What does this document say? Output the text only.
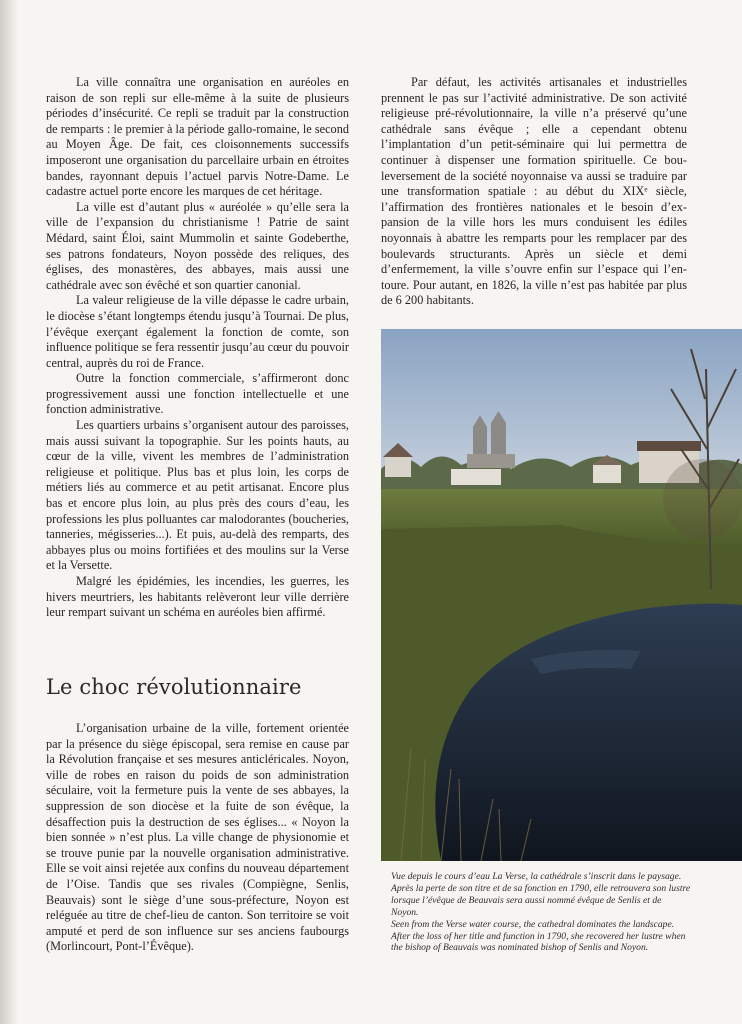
La ville connaîtra une organisation en auréoles en raison de son repli sur elle-même à la suite de plusieurs périodes d’insécurité. Ce repli se traduit par la construction de remparts : le premier à la période gallo-romaine, le second au Moyen Âge. De fait, ces cloisonnements successifs imposeront une organisation du parcellaire urbain en étroites bandes, rayonnant depuis l’actuel parvis Notre-Dame. Le cadastre actuel porte encore les marques de cet héritage.

La ville est d’autant plus « auréolée » qu’elle sera la ville de l’expansion du christianisme ! Patrie de saint Médard, saint Éloi, saint Mummolin et sainte Godeberthe, ses patrons fondateurs, Noyon possède des reliques, des églises, des monastères, des abbayes, mais aussi une cathédrale avec son évêché et son quartier canonial.

La valeur religieuse de la ville dépasse le cadre urbain, le diocèse s’étant longtemps étendu jusqu’à Tournai. De plus, l’évêque exerçant également la fonction de comte, son influence politique se fera ressentir jusqu’au cœur du pouvoir central, auprès du roi de France.

Outre la fonction commerciale, s’affirmeront donc progressivement aussi une fonction intellectuelle et une fonction administrative.

Les quartiers urbains s’organisent autour des paroisses, mais aussi suivant la topographie. Sur les points hauts, au cœur de la ville, vivent les membres de l’administration religieuse et politique. Plus bas et plus loin, les corps de métiers liés au commerce et au petit artisanat. Encore plus bas et encore plus loin, au plus près des cours d’eau, les professions les plus polluantes car malodorantes (boucheries, tanneries, mégisseries...). Et puis, au-delà des remparts, des abbayes plus ou moins fortifiées et des moulins sur la Verse et la Versette.

Malgré les épidémies, les incendies, les guerres, les hivers meurtriers, les habitants relèveront leur ville derrière leur rempart suivant un schéma en auréoles bien affirmé.

Le choc révolutionnaire

L’organisation urbaine de la ville, fortement orientée par la présence du siège épiscopal, sera remise en cause par la Révolution française et ses mesures anticléricales. Noyon, ville de robes en raison du poids de son administration séculaire, voit la fermeture puis la vente de ses abbayes, la suppression de son diocèse et la fuite de son évêque, la désaffection puis la destruction de ses églises... « Noyon la bien sonnée » n’est plus. La ville change de physionomie et se trouve punie par la nouvelle organisation administrative. Elle se voit ainsi rejetée aux confins du nouveau département de l’Oise. Tandis que ses rivales (Compiègne, Senlis, Beauvais) sont le siège d’une sous-préfecture, Noyon est reléguée au titre de chef-lieu de canton. Son territoire se voit amputé et perd de son influence sur ses anciens faubourgs (Morlincourt, Pont-l’Évêque).

Par défaut, les activités artisanales et industrielles prennent le pas sur l’activité administrative. De son activité religieuse pré-révolutionnaire, la ville n’a préservé qu’une cathédrale sans évêque ; elle a cependant obtenu l’implantation d’un petit-séminaire qui lui permettra de continuer à dispenser une formation spirituelle. Ce bouleversement de la société noyonnaise va aussi se traduire par une transformation spatiale : au début du XIXᵉ siècle, l’affirmation des frontières nationales et le besoin d’expansion de la ville hors les murs conduisent les édiles noyonnais à abattre les remparts pour les remplacer par des boulevards structurants. Après un siècle et demi d’enfermement, la ville s’ouvre enfin sur l’espace qui l’entoure. Pour autant, en 1826, la ville n’est pas habitée par plus de 6 200 habitants.

Vue depuis le cours d’eau La Verse, la cathédrale s’inscrit dans le paysage. Après la perte de son titre et de sa fonction en 1790, elle retrouvera son lustre lorsque l’évêque de Beauvais sera aussi nommé évêque de Senlis et de Noyon.

Seen from the Verse water course, the cathedral dominates the landscape. After the loss of her title and function in 1790, she recovered her lustre when the bishop of Beauvais was nominated bishop of Senlis and Noyon.
